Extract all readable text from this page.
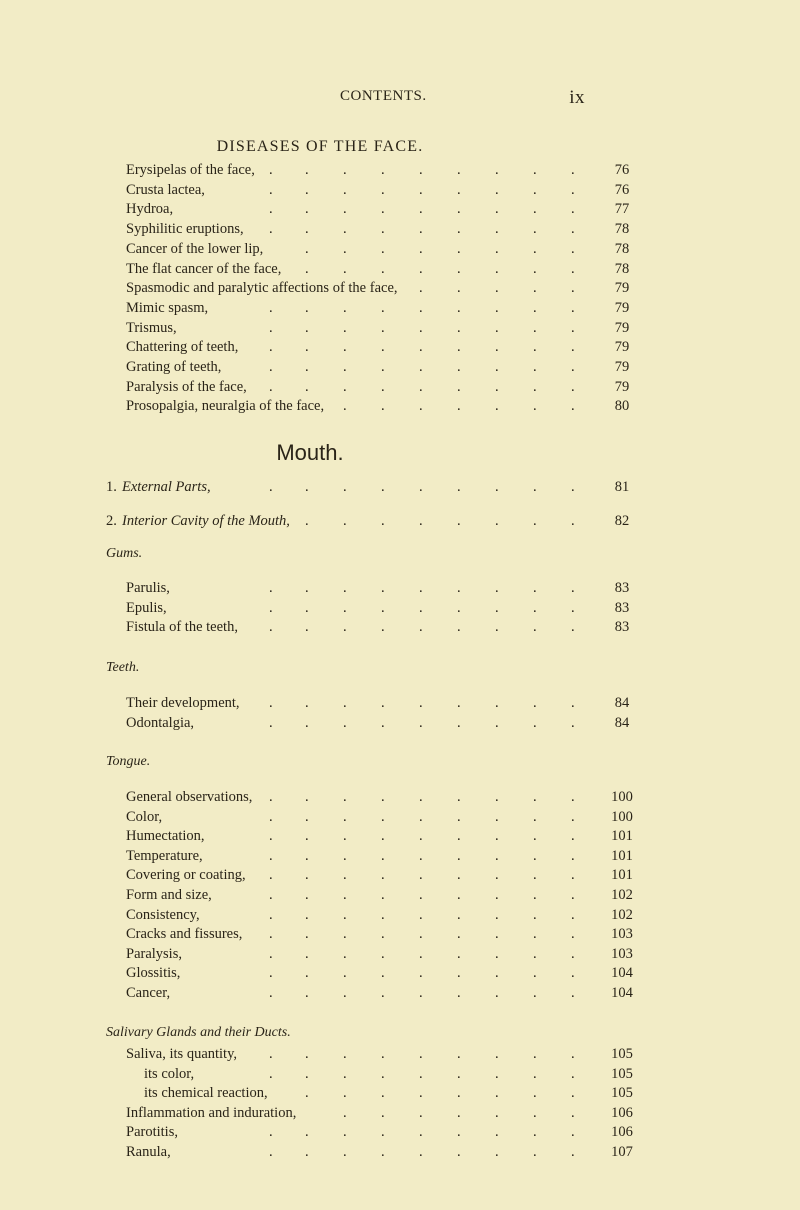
CONTENTS.	ix
DISEASES OF THE FACE.
Mouth.
Erysipelas of the face, . . . . . . . . .	76
Crusta lactea,	. . . . . . . . .	76
Hydroa,	. . . . . . . . .	77
Syphilitic eruptions, . . . . . . . . .	78
Cancer of the lower lip,	. . . . . . . .	78
The flat cancer of the face, . . . . . . . .	78
Spasmodic and paralytic affections of the face, . . . . .	79
Mimic spasm,	. . . . . . . . .	79
Trismus,	. . . . . . . . .	79
Chattering of teeth, . . . . . . . . .	79
Grating of teeth,	. . . . . . . . .	79
Paralysis of the face, . . . . . . . . .	79
Prosopalgia, neuralgia of the face, . . . . . . .	80
1. External Parts,	. . . . . . . . .	81
2. Interior Cavity of the Mouth, . . . . . . . .	82
Gums.
Parulis,	. . . . . . . . .	83
Epulis,	. . . . . . . . .	83
Fistula of the teeth, . . . . . . . . .	83
Teeth.
Their development, . . . . . . . . .	84
Odontalgia,	. . . . . . . . .	84
Tongue.
General observations, . . . . . . . . .	100
Color,	. . . . . . . . .	100
Humectation,	. . . . . . . . .	101
Temperature,	. . . . . . . . .	101
Covering or coating, . . . . . . . . .	101
Form and size,	. . . . . . . . .	102
Consistency,	. . . . . . . . .	102
Cracks and fissures, . . . . . . . . .	103
Paralysis,	. . . . . . . . .	103
Glossitis,	. . . . . . . . .	104
Cancer,	. . . . . . . . .	104
Salivary Glands and their Ducts.
Saliva, its quantity, . . . . . . . . .	105
its color,	. . . . . . . . .	105
its chemical reaction,	. . . . . . . .	105
Inflammation and induration,	. . . . . . .	106
Parotitis,	. . . . . . . . .	106
Ranula,	. . . . . . . . .	107
